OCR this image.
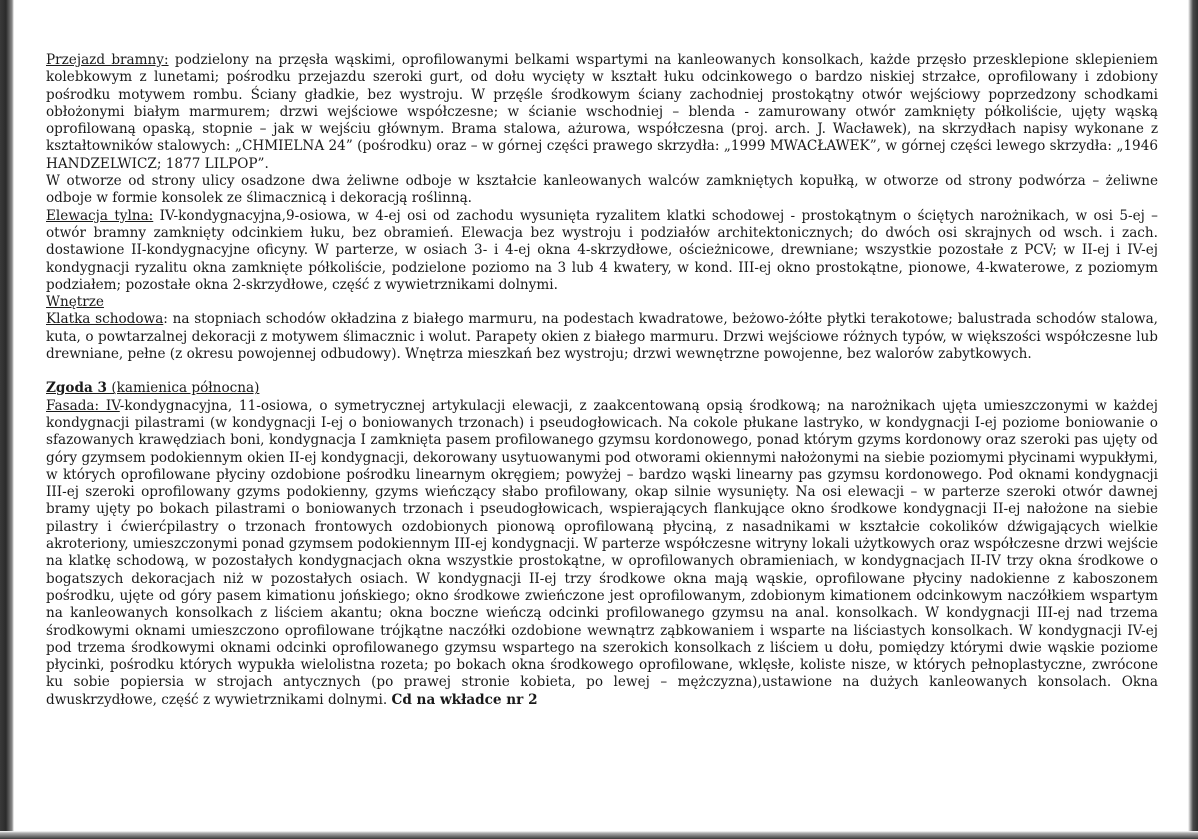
Przejazd bramny: podzielony na przęsła wąskimi, oprofilowanymi belkami wspartymi na kanleowanych konsolkach, każde przęsło przesklepione sklepieniem kolebkowym z lunetami; pośrodku przejazdu szeroki gurt, od dołu wycięty w kształt łuku odcinkowego o bardzo niskiej strzałce, oprofilowany i zdobiony pośrodku motywem rombu. Ściany gładkie, bez wystroju. W przęśle środkowym ściany zachodniej prostokątny otwór wejściowy poprzedzony schodkami obłożonymi białym marmurem; drzwi wejściowe współczesne; w ścianie wschodniej – blenda - zamurowany otwór zamknięty półkoliście, ujęty wąską oprofilowaną opaską, stopnie – jak w wejściu głównym. Brama stalowa, ażurowa, współczesna (proj. arch. J. Wacławek), na skrzydłach napisy wykonane z kształtowników stalowych: „CHMIELNA 24” (pośrodku) oraz – w górnej części prawego skrzydła: „1999 MWACŁAWEK”, w górnej części lewego skrzydła: „1946 HANDZELWICZ; 1877 LILPOP”.

W otworze od strony ulicy osadzone dwa żeliwne odboje w kształcie kanleowanych walców zamkniętych kopułką, w otworze od strony podwórza – żeliwne odboje w formie konsolek ze ślimacznicą i dekoracją roślinną.

Elewacja tylna: IV-kondygnacyjna,9-osiowa, w 4-ej osi od zachodu wysunięta ryzalitem klatki schodowej - prostokątnym o ściętych narożnikach, w osi 5-ej – otwór bramny zamknięty odcinkiem łuku, bez obramień. Elewacja bez wystroju i podziałów architektonicznych; do dwóch osi skrajnych od wsch. i zach. dostawione II-kondygnacyjne oficyny. W parterze, w osiach 3- i 4-ej okna 4-skrzydłowe, ościeżnicowe, drewniane; wszystkie pozostałe z PCV; w II-ej i IV-ej kondygnacji ryzalitu okna zamknięte półkoliście, podzielone poziomo na 3 lub 4 kwatery, w kond. III-ej okno prostokątne, pionowe, 4-kwaterowe, z poziomym podziałem; pozostałe okna 2-skrzydłowe, część z wywietrznikami dolnymi.

Wnętrze

Klatka schodowa: na stopniach schodów okładzina z białego marmuru, na podestach kwadratowe, beżowo-żółte płytki terakotowe; balustrada schodów stalowa, kuta, o powtarzalnej dekoracji z motywem ślimacznic i wolut. Parapety okien z białego marmuru. Drzwi wejściowe różnych typów, w większości współczesne lub drewniane, pełne (z okresu powojennej odbudowy). Wnętrza mieszkań bez wystroju; drzwi wewnętrzne powojenne, bez walorów zabytkowych.

Zgoda 3 (kamienica północna)

Fasada: IV-kondygnacyjna, 11-osiowa, o symetrycznej artykulacji elewacji, z zaakcentowaną opsią środkową; na narożnikach ujęta umieszczonymi w każdej kondygnacji pilastrami (w kondygnacji I-ej o boniowanych trzonach) i pseudogłowicach. Na cokole płukane lastryko, w kondygnacji I-ej poziome boniowanie o sfazowanych krawędziach boni, kondygnacja I zamknięta pasem profilowanego gzymsu kordonowego, ponad którym gzyms kordonowy oraz szeroki pas ujęty od góry gzymsem podokiennym okien II-ej kondygnacji, dekorowany usytuowanymi pod otworami okiennymi nałożonymi na siebie poziomymi płycinami wypukłymi, w których oprofilowane płyciny ozdobione pośrodku linearnym okręgiem; powyżej – bardzo wąski linearny pas gzymsu kordonowego. Pod oknami kondygnacji III-ej szeroki oprofilowany gzyms podokienny, gzyms wieńczący słabo profilowany, okap silnie wysunięty. Na osi elewacji – w parterze szeroki otwór dawnej bramy ujęty po bokach pilastrami o boniowanych trzonach i pseudogłowicach, wspierających flankujące okno środkowe kondygnacji II-ej nałożone na siebie pilastry i ćwierćpilastry o trzonach frontowych ozdobionych pionową oprofilowaną płyciną, z nasadnikami w kształcie cokolików dźwigających wielkie akroteriony, umieszczonymi ponad gzymsem podokiennym III-ej kondygnacji. W parterze współczesne witryny lokali użytkowych oraz współczesne drzwi wejście na klatkę schodową, w pozostałych kondygnacjach okna wszystkie prostokątne, w oprofilowanych obramieniach, w kondygnacjach II-IV trzy okna środkowe o bogatszych dekoracjach niż w pozostałych osiach. W kondygnacji II-ej trzy środkowe okna mają wąskie, oprofilowane płyciny nadokienne z kaboszonem pośrodku, ujęte od góry pasem kimationu jońskiego; okno środkowe zwieńczone jest oprofilowanym, zdobionym kimationem odcinkowym naczółkiem wspartym na kanleowanych konsolkach z liściem akantu; okna boczne wieńczą odcinki profilowanego gzymsu na anal. konsolkach. W kondygnacji III-ej nad trzema środkowymi oknami umieszczono oprofilowane trójkątne naczółki ozdobione wewnątrz ząbkowaniem i wsparte na liściastych konsolkach. W kondygnacji IV-ej pod trzema środkowymi oknami odcinki oprofilowanego gzymsu wspartego na szerokich konsolkach z liściem u dołu, pomiędzy którymi dwie wąskie poziome płycinki, pośrodku których wypukła wielolistna rozeta; po bokach okna środkowego oprofilowane, wklęsłe, koliste nisze, w których pełnoplastyczne, zwrócone ku sobie popiersia w strojach antycznych (po prawej stronie kobieta, po lewej – mężczyzna),ustawione na dużych kanleowanych konsolach. Okna dwuskrzydłowe, część z wywietrznikami dolnymi. Cd na wkładce nr 2
